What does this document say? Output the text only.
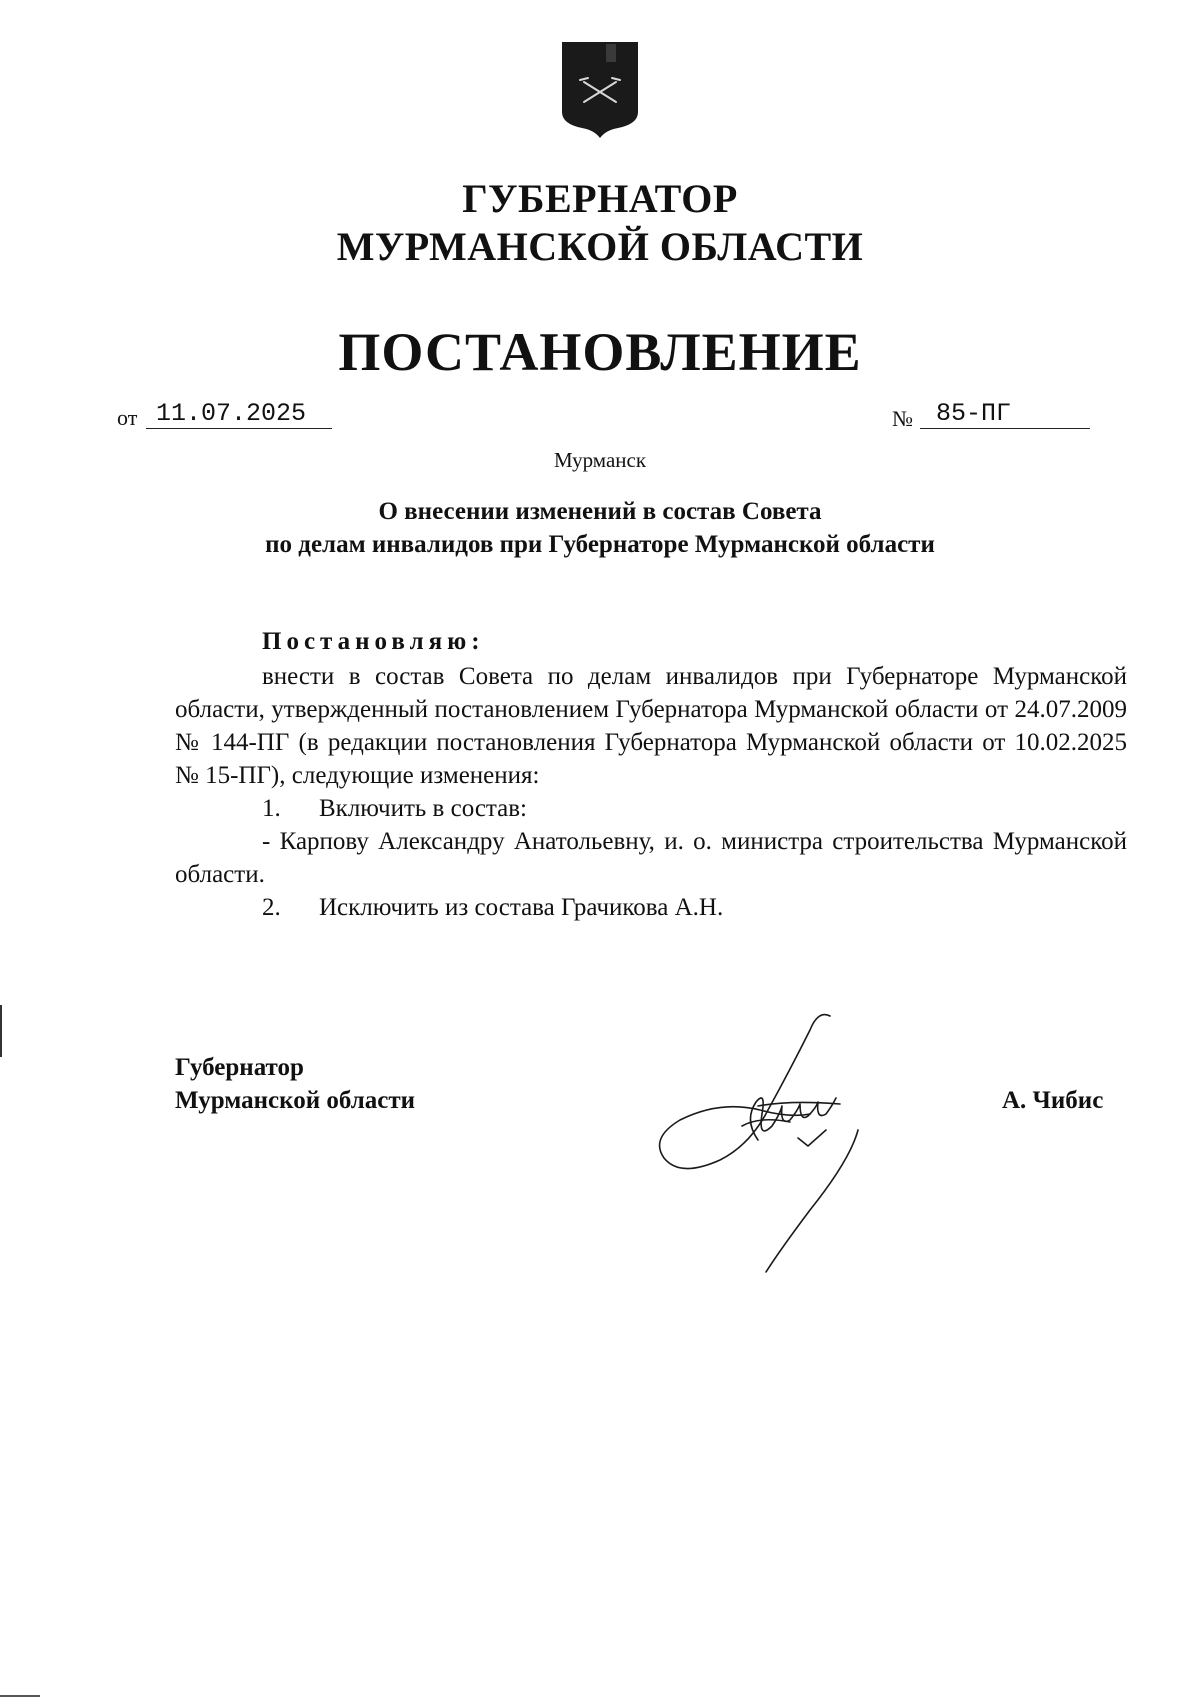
ГУБЕРНАТОР
МУРМАНСКОЙ ОБЛАСТИ
ПОСТАНОВЛЕНИЕ
от 11.07.2025	№ 85-ПГ
Мурманск
О внесении изменений в состав Совета
по делам инвалидов при Губернаторе Мурманской области
Постановляю:

внести в состав Совета по делам инвалидов при Губернаторе Мурманской области, утвержденный постановлением Губернатора Мурманской области от 24.07.2009 № 144-ПГ (в редакции постановления Губернатора Мурманской области от 10.02.2025 № 15-ПГ), следующие изменения:

1. Включить в состав:

- Карпову Александру Анатольевну, и. о. министра строительства Мурманской области.

2. Исключить из состава Грачикова А.Н.

Губернатор
Мурманской области	А. Чибис
